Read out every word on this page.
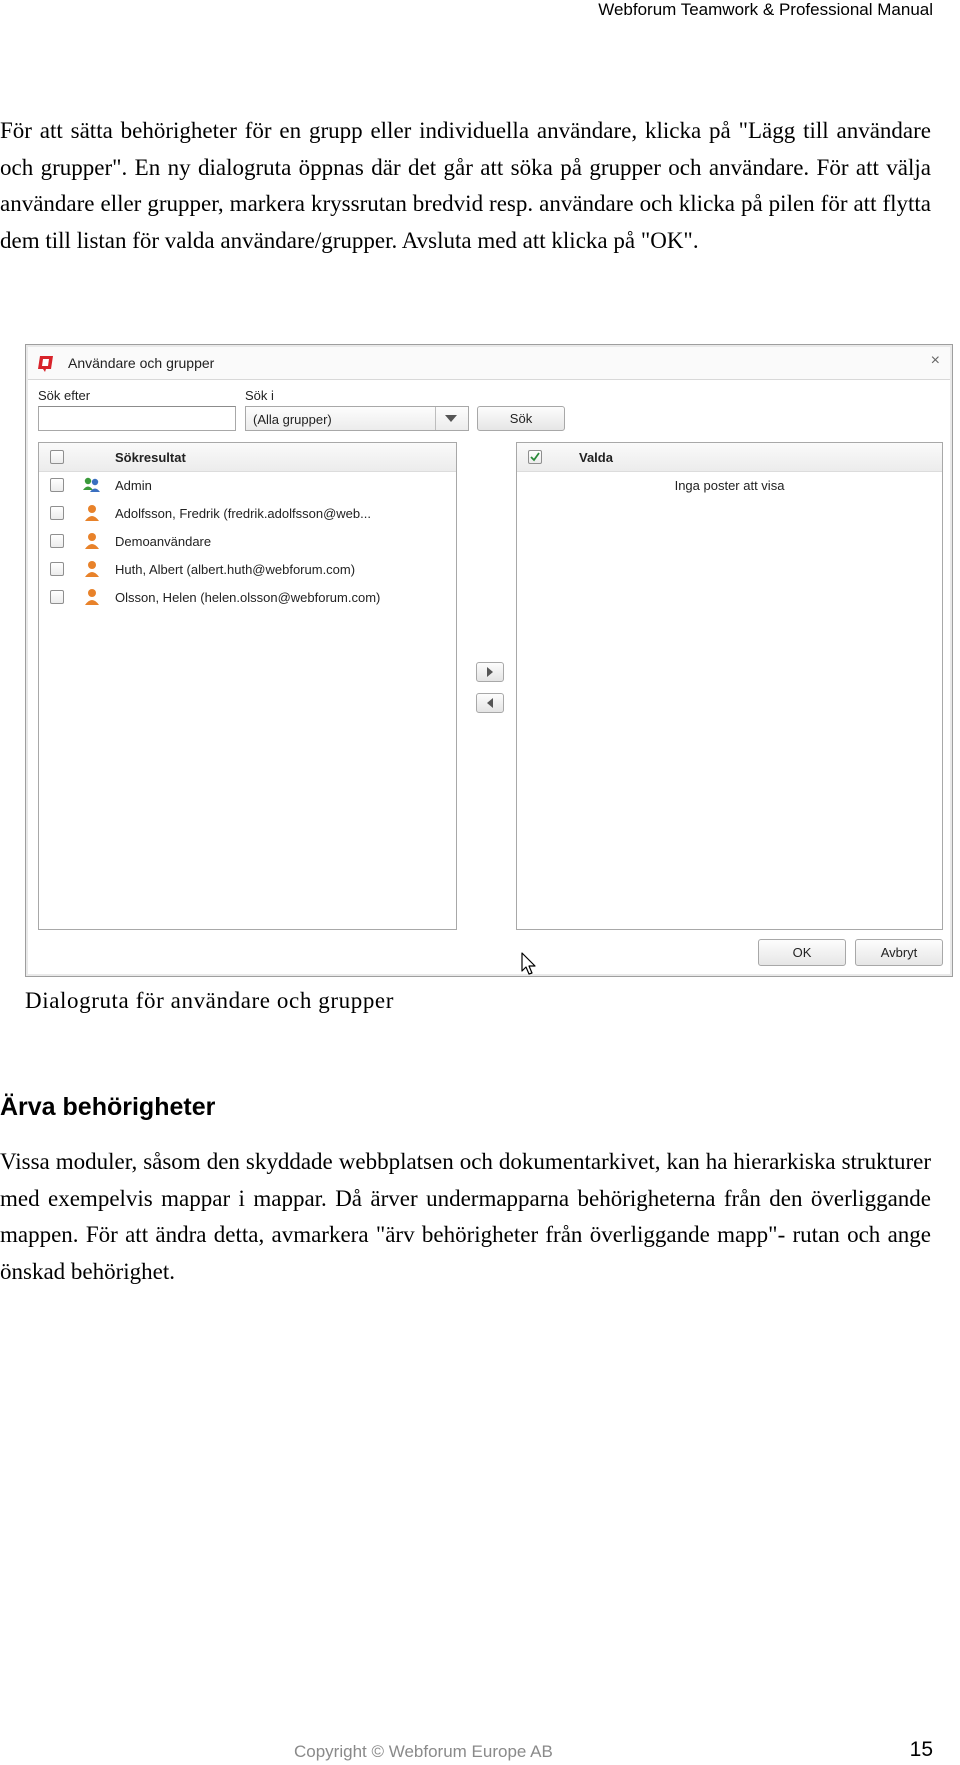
Webforum Teamwork & Professional Manual

För att sätta behörigheter för en grupp eller individuella användare, klicka på "Lägg till användare och grupper". En ny dialogruta öppnas där det går att söka på grupper och användare. För att välja användare eller grupper, markera kryssrutan bredvid resp. användare och klicka på pilen för att flytta dem till listan för valda användare/grupper. Avsluta med att klicka på "OK".

Användare och grupper	×
Sök efter	Sök i
(Alla grupper)	Sök
Sökresultat
Admin
Adolfsson, Fredrik (fredrik.adolfsson@web...
Demoanvändare
Huth, Albert (albert.huth@webforum.com)
Olsson, Helen (helen.olsson@webforum.com)
Valda
Inga poster att visa
OK	Avbryt
Dialogruta för användare och grupper
Ärva behörigheter

Vissa moduler, såsom den skyddade webbplatsen och dokumentarkivet, kan ha hierarkiska strukturer med exempelvis mappar i mappar. Då ärver undermapparna behörigheterna från den överliggande mappen. För att ändra detta, avmarkera "ärv behörigheter från överliggande mapp"- rutan och ange önskad behörighet.

Copyright © Webforum Europe AB	15
